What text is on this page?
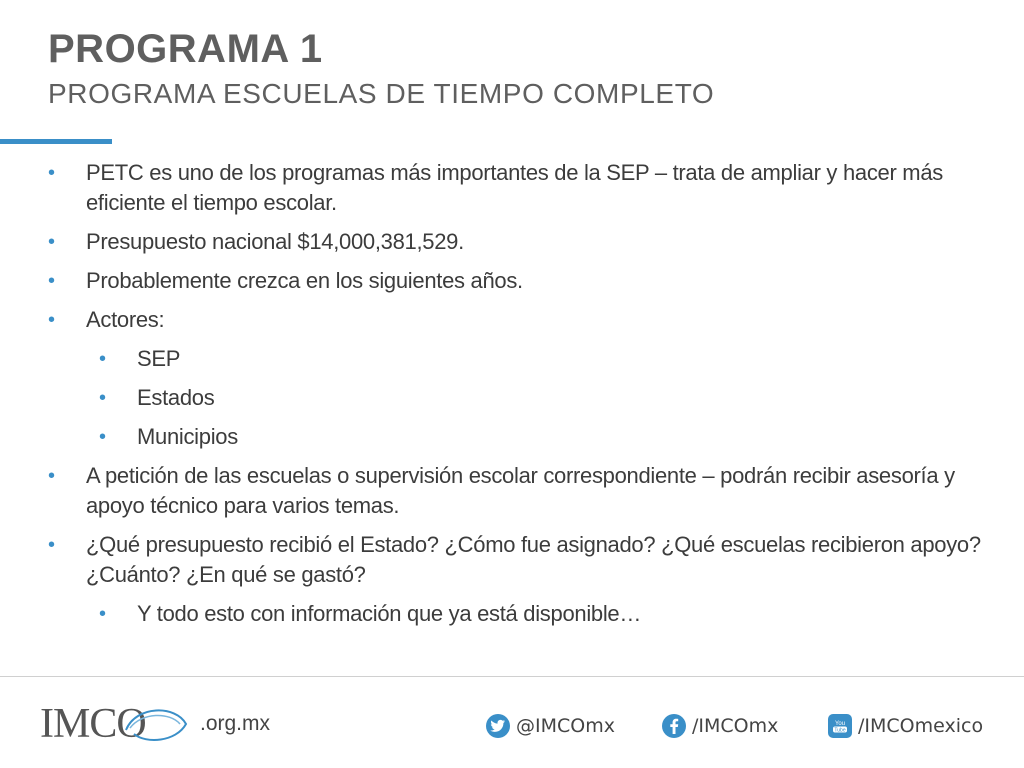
PROGRAMA 1
PROGRAMA ESCUELAS DE TIEMPO COMPLETO
• PETC es uno de los programas más importantes de la SEP – trata de ampliar y hacer más eficiente el tiempo escolar.
• Presupuesto nacional $14,000,381,529.
• Probablemente crezca en los siguientes años.
• Actores:
• SEP
• Estados
• Municipios
• A petición de las escuelas o supervisión escolar correspondiente – podrán recibir asesoría y apoyo técnico para varios temas.
• ¿Qué presupuesto recibió el Estado? ¿Cómo fue asignado? ¿Qué escuelas recibieron apoyo? ¿Cuánto? ¿En qué se gastó?
• Y todo esto con información que ya está disponible…
IMCO	.org.mx	@IMCOmx	/IMCOmx	You
Tube /IMCOmexico
